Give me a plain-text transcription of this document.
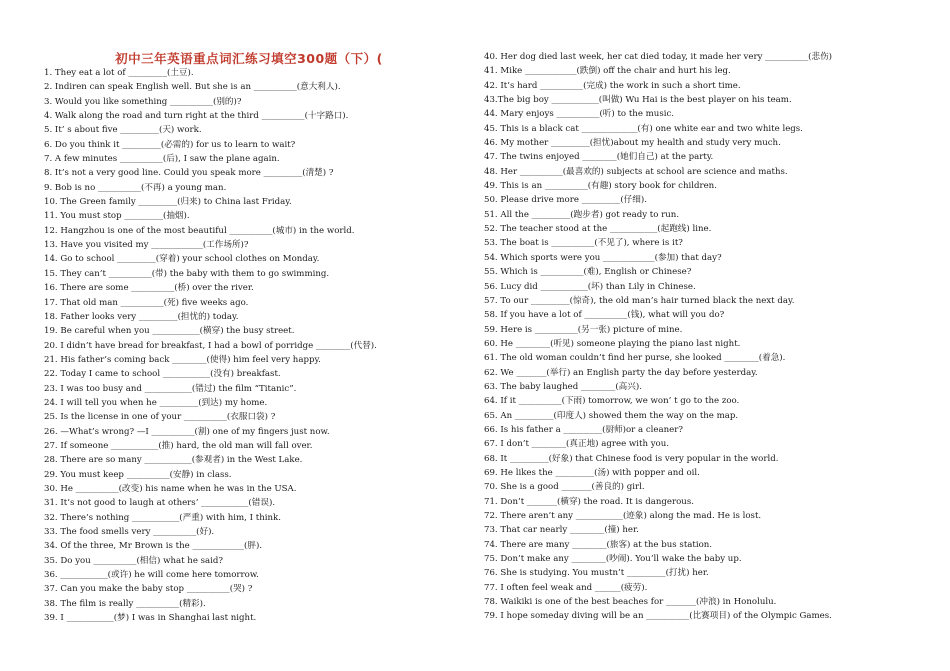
初中三年英语重点词汇练习填空300题（下）(
1. They eat a lot of _________(土豆).
2. Indiren can speak English well. But she is an __________(意大利人).
3. Would you like something __________(别的)?
4. Walk along the road and turn right at the third __________(十字路口).
5. It’ s about five _________(天) work.
6. Do you think it _________(必需的) for us to learn to wait?
7. A few minutes __________(后), I saw the plane again.
8. It’s not a very good line. Could you speak more _________(清楚) ?
9. Bob is no __________(不再) a young man.
10. The Green family _________(归来) to China last Friday.
11. You must stop _________(抽烟).
12. Hangzhou is one of the most beautiful __________(城市) in the world.
13. Have you visited my ____________(工作场所)?
14. Go to school _________(穿着) your school clothes on Monday.
15. They can’t __________(带) the baby with them to go swimming.
16. There are some __________(桥) over the river.
17. That old man __________(死) five weeks ago.
18. Father looks very _________(担忧的) today.
19. Be careful when you ___________(横穿) the busy street.
20. I didn’t have bread for breakfast, I had a bowl of porridge ________(代替).
21. His father’s coming back ________(使得) him feel very happy.
22. Today I came to school ___________(没有) breakfast.
23. I was too busy and ___________(错过) the film “Titanic”.
24. I will tell you when he _________(到达) my home.
25. Is the license in one of your __________(衣服口袋) ?
26. —What’s wrong? —I __________(割) one of my fingers just now.
27. If someone ___________(推) hard, the old man will fall over.
28. There are so many ___________(参观者) in the West Lake.
29. You must keep __________(安静) in class.
30. He __________(改变) his name when he was in the USA.
31. It’s not good to laugh at others’ ___________(错误).
32. There’s nothing ___________(严重) with him, I think.
33. The food smells very __________(好).
34. Of the three, Mr Brown is the ____________(胖).
35. Do you __________(相信) what he said?
36. ___________(或许) he will come here tomorrow.
37. Can you make the baby stop __________(哭) ?
38. The film is really __________(精彩).
39. I ___________(梦) I was in Shanghai last night.
40. Her dog died last week, her cat died today, it made her very __________(悲伤)
41. Mike ____________(跌倒) off the chair and hurt his leg.
42. It’s hard __________(完成) the work in such a short time.
43.The big boy ___________(叫做) Wu Hai is the best player on his team.
44. Mary enjoys __________(听) to the music.
45. This is a black cat _____________(有) one white ear and two white legs.
46. My mother _________(担忧)about my health and study very much.
47. The twins enjoyed ________(她们自己) at the party.
48. Her __________(最喜欢的) subjects at school are science and maths.
49. This is an __________(有趣) story book for children.
50. Please drive more _________(仔细).
51. All the _________(跑步者) got ready to run.
52. The teacher stood at the ___________(起跑线) line.
53. The boat is __________(不见了), where is it?
54. Which sports were you ____________(参加) that day?
55. Which is __________(难), English or Chinese?
56. Lucy did ___________(坏) than Lily in Chinese.
57. To our _________(惊奇), the old man’s hair turned black the next day.
58. If you have a lot of __________(钱), what will you do?
59. Here is __________(另一张) picture of mine.
60. He ________(听见) someone playing the piano last night.
61. The old woman couldn’t find her purse, she looked ________(着急).
62. We _______(举行) an English party the day before yesterday.
63. The baby laughed ________(高兴).
64. If it __________(下雨) tomorrow, we won’ t go to the zoo.
65. An _________(印度人) showed them the way on the map.
66. Is his father a _________(厨师)or a cleaner?
67. I don’t ________(真正地) agree with you.
68. It _________(好象) that Chinese food is very popular in the world.
69. He likes the _________(汤) with popper and oil.
70. She is a good _______(善良的) girl.
71. Don’t _______(横穿) the road. It is dangerous.
72. There aren’t any ___________(迹象) along the mad. He is lost.
73. That car nearly ________(撞) her.
74. There are many ________(旅客) at the bus station.
75. Don’t make any ________(吵闹). You’ll wake the baby up.
76. She is studying. You mustn’t _________(打扰) her.
77. I often feel weak and ______(疲劳).
78. Waikiki is one of the best beaches for _______(冲浪) in Honolulu.
79. I hope someday diving will be an __________(比赛项目) of the Olympic Games.
